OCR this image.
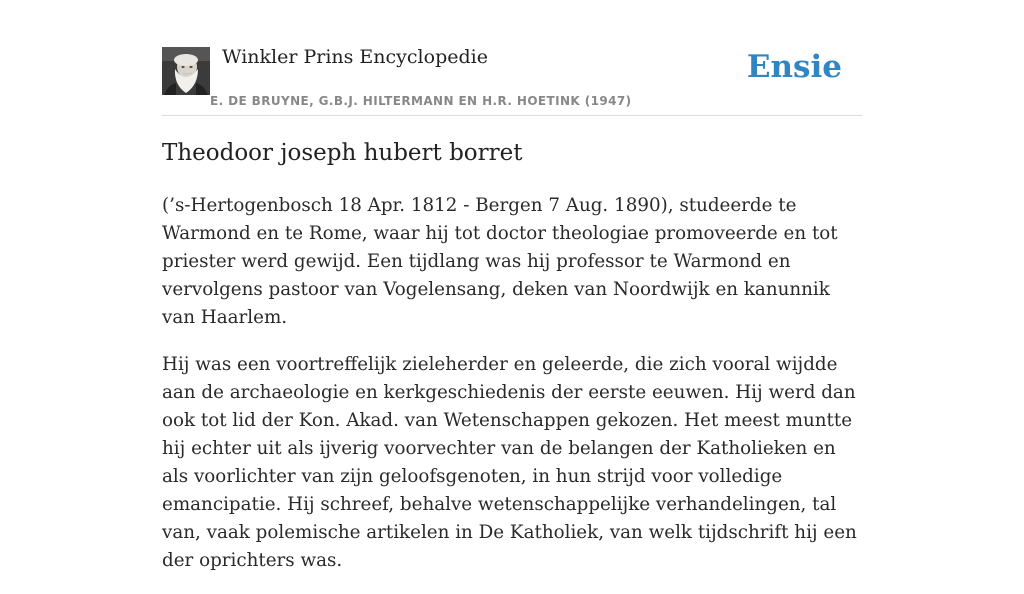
Winkler Prins Encyclopedie
E. DE BRUYNE, G.B.J. HILTERMANN EN H.R. HOETINK (1947)
Ensie
Theodoor joseph hubert borret

(’s-Hertogenbosch 18 Apr. 1812 - Bergen 7 Aug. 1890), studeerde te Warmond en te Rome, waar hij tot doctor theologiae promoveerde en tot priester werd gewijd. Een tijdlang was hij professor te Warmond en vervolgens pastoor van Vogelensang, deken van Noordwijk en kanunnik van Haarlem.

Hij was een voortreffelijk zieleherder en geleerde, die zich vooral wijdde aan de archaeologie en kerkgeschiedenis der eerste eeuwen. Hij werd dan ook tot lid der Kon. Akad. van Wetenschappen gekozen. Het meest muntte hij echter uit als ijverig voorvechter van de belangen der Katholieken en als voorlichter van zijn geloofsgenoten, in hun strijd voor volledige emancipatie. Hij schreef, behalve wetenschappelijke verhandelingen, tal van, vaak polemische artikelen in De Katholiek, van welk tijdschrift hij een der oprichters was.
